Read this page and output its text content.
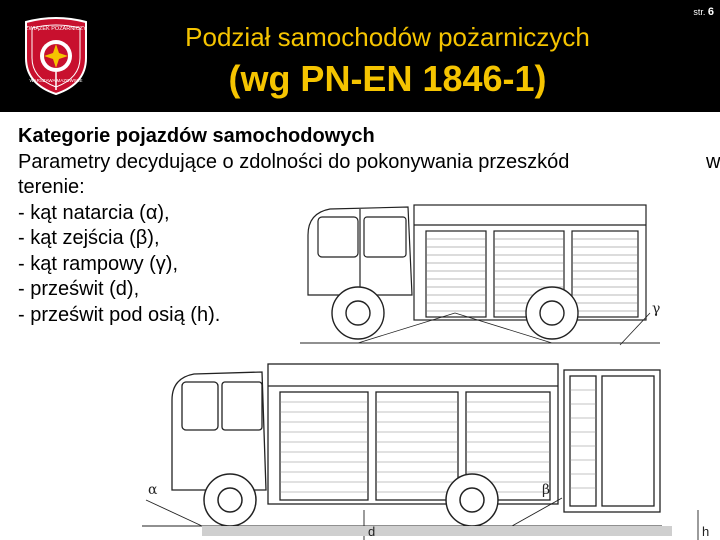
ZWIĄZEK POŻARNICZY
WARSZAWA MAZOWSZE
Podział samochodów pożarniczych
(wg PN-EN 1846-1)
str. 6
Kategorie pojazdów samochodowych
Parametry decydujące o zdolności do pokonywania przeszkód	w
terenie:
- kąt natarcia (α),
- kąt zejścia (β),
- kąt rampowy (γ),
- prześwit (d),
- prześwit pod osią (h).	γ
α	β
d	h
